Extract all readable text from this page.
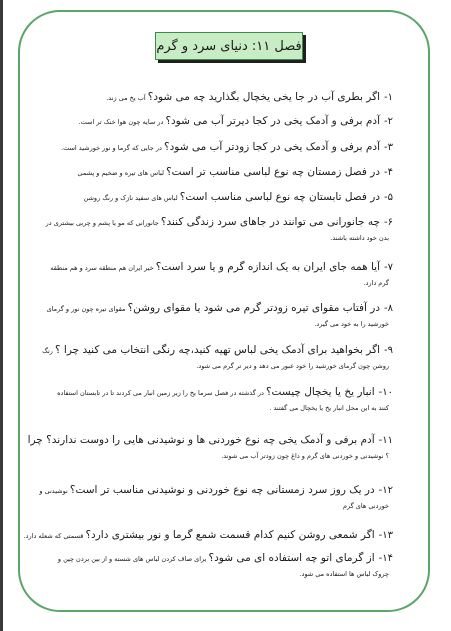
فصل ۱۱: دنیای سرد و گرم
۱-اگر بطری آب در جا یخی یخچال بگذارید چه می شود؟ آب یخ می زند.
۲-آدم برفی و آدمک یخی در کجا دیرتر آب می شود؟ در سایه چون هوا خنک تر است.
۳-آدم برفی و آدمک یخی در کجا زودتر آب می شود؟ در جایی که گرما و نور خورشید است.
۴-در فصل زمستان چه نوع لباسی مناسب تر است؟ لباس های تیره و ضخیم و پشمی
۵-در فصل تابستان چه نوع لباسی مناسب است؟ لباس های سفید نازک و رنگ روشن
۶-چه جانورانی می توانند در جاهای سرد زندگی کنند؟ جانورانی که مو یا پشم و چربی بیشتری در
بدن خود داشته باشند.
۷-آیا همه جای ایران به یک اندازه گرم و یا سرد است؟ خیر ایران هم منطقه سرد و هم منطقه
گرم دارد.
۸-در آفتاب مقوای تیره زودتر گرم می شود یا مقوای روشن؟ مقوای تیره چون نور و گرمای
خورشید را به خود می گیرد.
۹-اگر بخواهید برای آدمک یخی لباس تهیه کنید،چه رنگی انتخاب می کنید چرا ؟ رنگ
روشن چون گرمای خورشید را خود عبور می دهد و دیر تر گرم می شود.
۱۰-انبار یخ یا یخچال چیست؟ در گذشته در فصل سرما یخ را زیر زمین انبار می کردند تا در تابستان استفاده
کنند به این محل انبار یخ یا یخچال می گفتند .
۱۱-آدم برفی و آدمک یخی چه نوع خوردنی ها و نوشیدنی هایی را دوست ندارند؟ چرا
؟ نوشیدنی و خوردنی های گرم و داغ چون زودتر آب می شوند.
۱۲-در یک روز سرد زمستانی چه نوع خوردنی و نوشیدنی مناسب تر است؟ نوشیدنی و
خوردنی های گرم
۱۳-اگر شمعی روشن کنیم کدام قسمت شمع گرما و نور بیشتری دارد؟ قسمتی که شعله دارد.
۱۴-از گرمای اتو چه استفاده ای می شود؟ برای صاف کردن لباس های شسته و از بین بردن چین و
چروک لباس ها استفاده می شود.
